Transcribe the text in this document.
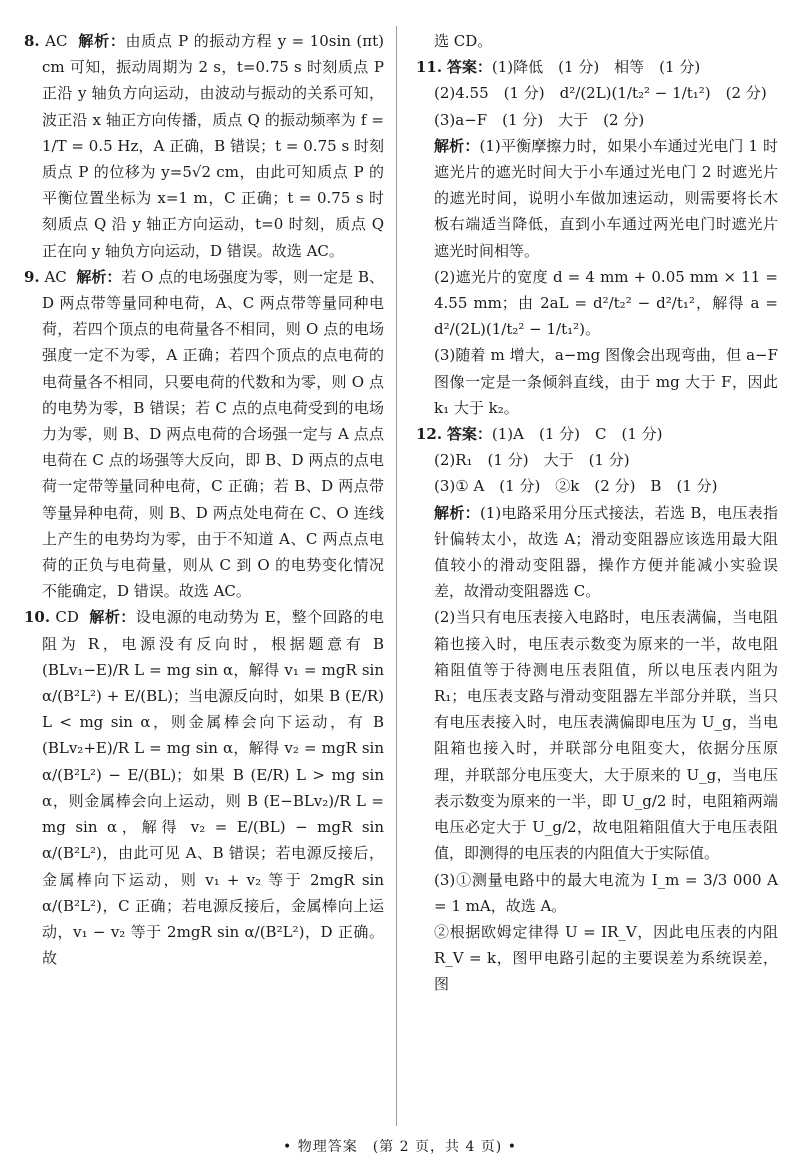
8. AC 解析：由质点 P 的振动方程 y = 10sin (πt) cm 可知，振动周期为 2 s，t=0.75 s 时刻质点 P 正沿 y 轴负方向运动，由波动与振动的关系可知，波正沿 x 轴正方向传播，质点 Q 的振动频率为 f = 1/T = 0.5 Hz，A 正确，B 错误；t = 0.75 s 时刻质点 P 的位移为 y=5√2 cm，由此可知质点 P 的平衡位置坐标为 x=1 m，C 正确；t = 0.75 s 时刻质点 Q 沿 y 轴正方向运动，t=0 时刻，质点 Q 正在向 y 轴负方向运动，D 错误。故选 AC。

9. AC 解析：若 O 点的电场强度为零，则一定是 B、D 两点带等量同种电荷，A、C 两点带等量同种电荷，若四个顶点的电荷量各不相同，则 O 点的电场强度一定不为零，A 正确；若四个顶点的点电荷的电荷量各不相同，只要电荷的代数和为零，则 O 点的电势为零，B 错误；若 C 点的点电荷受到的电场力为零，则 B、D 两点电荷的合场强一定与 A 点点电荷在 C 点的场强等大反向，即 B、D 两点的点电荷一定带等量同种电荷，C 正确；若 B、D 两点带等量异种电荷，则 B、D 两点处电荷在 C、O 连线上产生的电势均为零，由于不知道 A、C 两点点电荷的正负与电荷量，则从 C 到 O 的电势变化情况不能确定，D 错误。故选 AC。

10. CD 解析：设电源的电动势为 E，整个回路的电阻为 R，电源没有反向时，根据题意有 B (BLv₁−E)/R L = mg sin α，解得 v₁ = mgR sin α/(B²L²) + E/(BL)；当电源反向时，如果 B (E/R) L < mg sin α，则金属棒会向下运动，有 B (BLv₂+E)/R L = mg sin α，解得 v₂ = mgR sin α/(B²L²) − E/(BL)；如果 B (E/R) L > mg sin α，则金属棒会向上运动，则 B (E−BLv₂)/R L = mg sin α，解得 v₂ = E/(BL) − mgR sin α/(B²L²)，由此可见 A、B 错误；若电源反接后，金属棒向下运动，则 v₁ + v₂ 等于 2mgR sin α/(B²L²)，C 正确；若电源反接后，金属棒向上运动，v₁ − v₂ 等于 2mgR sin α/(B²L²)，D 正确。故

选 CD。

11. 答案：(1)降低　(1 分)　相等　(1 分)

(2)4.55　(1 分)　d²/(2L)(1/t₂² − 1/t₁²)　(2 分)

(3)a−F　(1 分)　大于　(2 分)

解析：(1)平衡摩擦力时，如果小车通过光电门 1 时遮光片的遮光时间大于小车通过光电门 2 时遮光片的遮光时间，说明小车做加速运动，则需要将长木板右端适当降低，直到小车通过两光电门时遮光片遮光时间相等。

(2)遮光片的宽度 d = 4 mm + 0.05 mm × 11 = 4.55 mm；由 2aL = d²/t₂² − d²/t₁²，解得 a = d²/(2L)(1/t₂² − 1/t₁²)。

(3)随着 m 增大，a−mg 图像会出现弯曲，但 a−F 图像一定是一条倾斜直线，由于 mg 大于 F，因此 k₁ 大于 k₂。

12. 答案：(1)A　(1 分)　C　(1 分)

(2)R₁　(1 分)　大于　(1 分)

(3)① A　(1 分)　②k　(2 分)　B　(1 分)

解析：(1)电路采用分压式接法，若选 B，电压表指针偏转太小，故选 A；滑动变阻器应该选用最大阻值较小的滑动变阻器，操作方便并能减小实验误差，故滑动变阻器选 C。

(2)当只有电压表接入电路时，电压表满偏，当电阻箱也接入时，电压表示数变为原来的一半，故电阻箱阻值等于待测电压表阻值，所以电压表内阻为 R₁；电压表支路与滑动变阻器左半部分并联，当只有电压表接入时，电压表满偏即电压为 U_g，当电阻箱也接入时，并联部分电阻变大，依据分压原理，并联部分电压变大，大于原来的 U_g，当电压表示数变为原来的一半，即 U_g/2 时，电阻箱两端电压必定大于 U_g/2，故电阻箱阻值大于电压表阻值，即测得的电压表的内阻值大于实际值。

(3)①测量电路中的最大电流为 I_m = 3/3 000 A = 1 mA，故选 A。

②根据欧姆定律得 U = IR_V，因此电压表的内阻 R_V = k，图甲电路引起的主要误差为系统误差，图

• 物理答案　(第 2 页，共 4 页) •
